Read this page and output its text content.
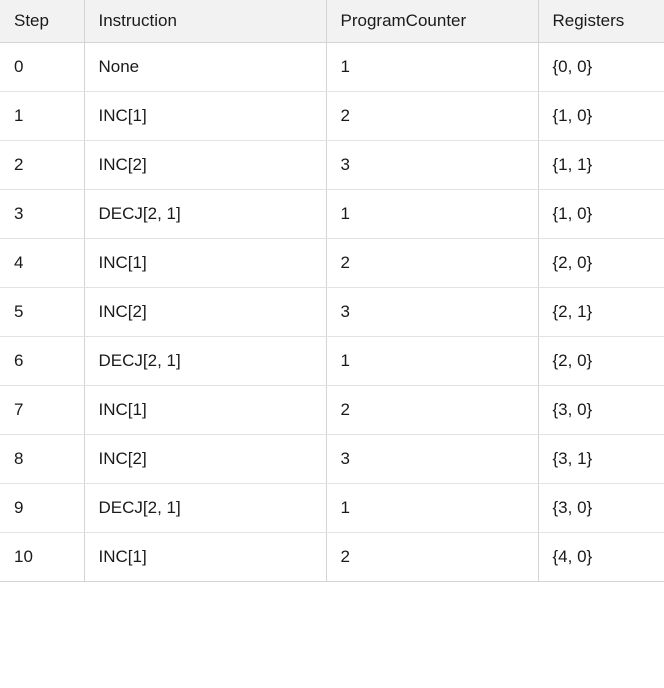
Step	Instruction	ProgramCounter	Registers
0	None	1	{0, 0}
1	INC[1]	2	{1, 0}
2	INC[2]	3	{1, 1}
3	DECJ[2, 1]	1	{1, 0}
4	INC[1]	2	{2, 0}
5	INC[2]	3	{2, 1}
6	DECJ[2, 1]	1	{2, 0}
7	INC[1]	2	{3, 0}
8	INC[2]	3	{3, 1}
9	DECJ[2, 1]	1	{3, 0}
10	INC[1]	2	{4, 0}
